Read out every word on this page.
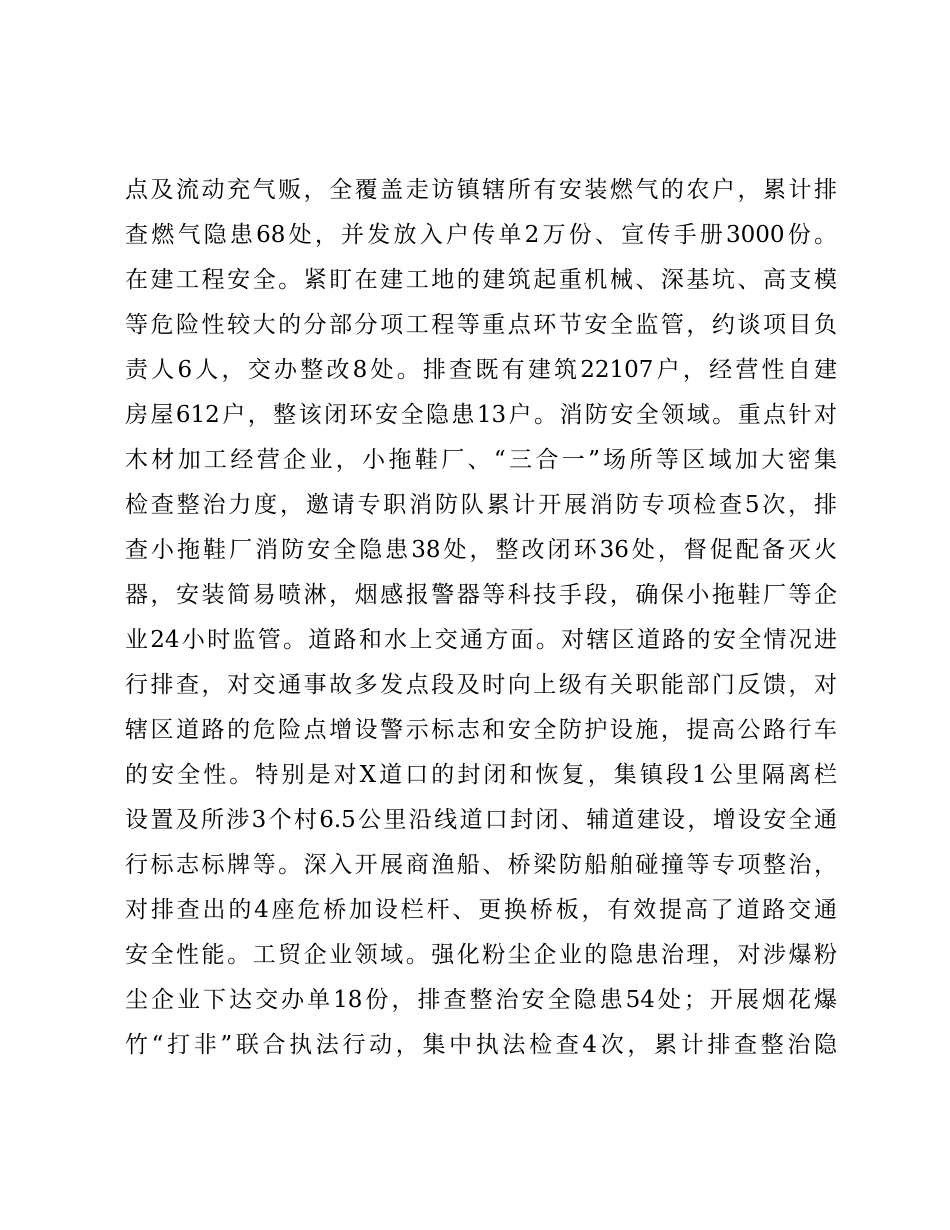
点及流动充气贩，全覆盖走访镇辖所有安装燃气的农户，累计排
查燃气隐患68处，并发放入户传单2万份、宣传手册3000份。
在建工程安全。紧盯在建工地的建筑起重机械、深基坑、高支模
等危险性较大的分部分项工程等重点环节安全监管，约谈项目负
责人6人，交办整改8处。排查既有建筑22107户，经营性自建
房屋612户，整该闭环安全隐患13户。消防安全领域。重点针对
木材加工经营企业，小拖鞋厂、“三合一”场所等区域加大密集
检查整治力度，邀请专职消防队累计开展消防专项检查5次，排
查小拖鞋厂消防安全隐患38处，整改闭环36处，督促配备灭火
器，安装简易喷淋，烟感报警器等科技手段，确保小拖鞋厂等企
业24小时监管。道路和水上交通方面。对辖区道路的安全情况进
行排查，对交通事故多发点段及时向上级有关职能部门反馈，对
辖区道路的危险点增设警示标志和安全防护设施，提高公路行车
的安全性。特别是对X道口的封闭和恢复，集镇段1公里隔离栏
设置及所涉3个村6.5公里沿线道口封闭、辅道建设，增设安全通
行标志标牌等。深入开展商渔船、桥梁防船舶碰撞等专项整治，
对排查出的4座危桥加设栏杆、更换桥板，有效提高了道路交通
安全性能。工贸企业领域。强化粉尘企业的隐患治理，对涉爆粉
尘企业下达交办单18份，排查整治安全隐患54处；开展烟花爆
竹“打非”联合执法行动，集中执法检查4次，累计排查整治隐
